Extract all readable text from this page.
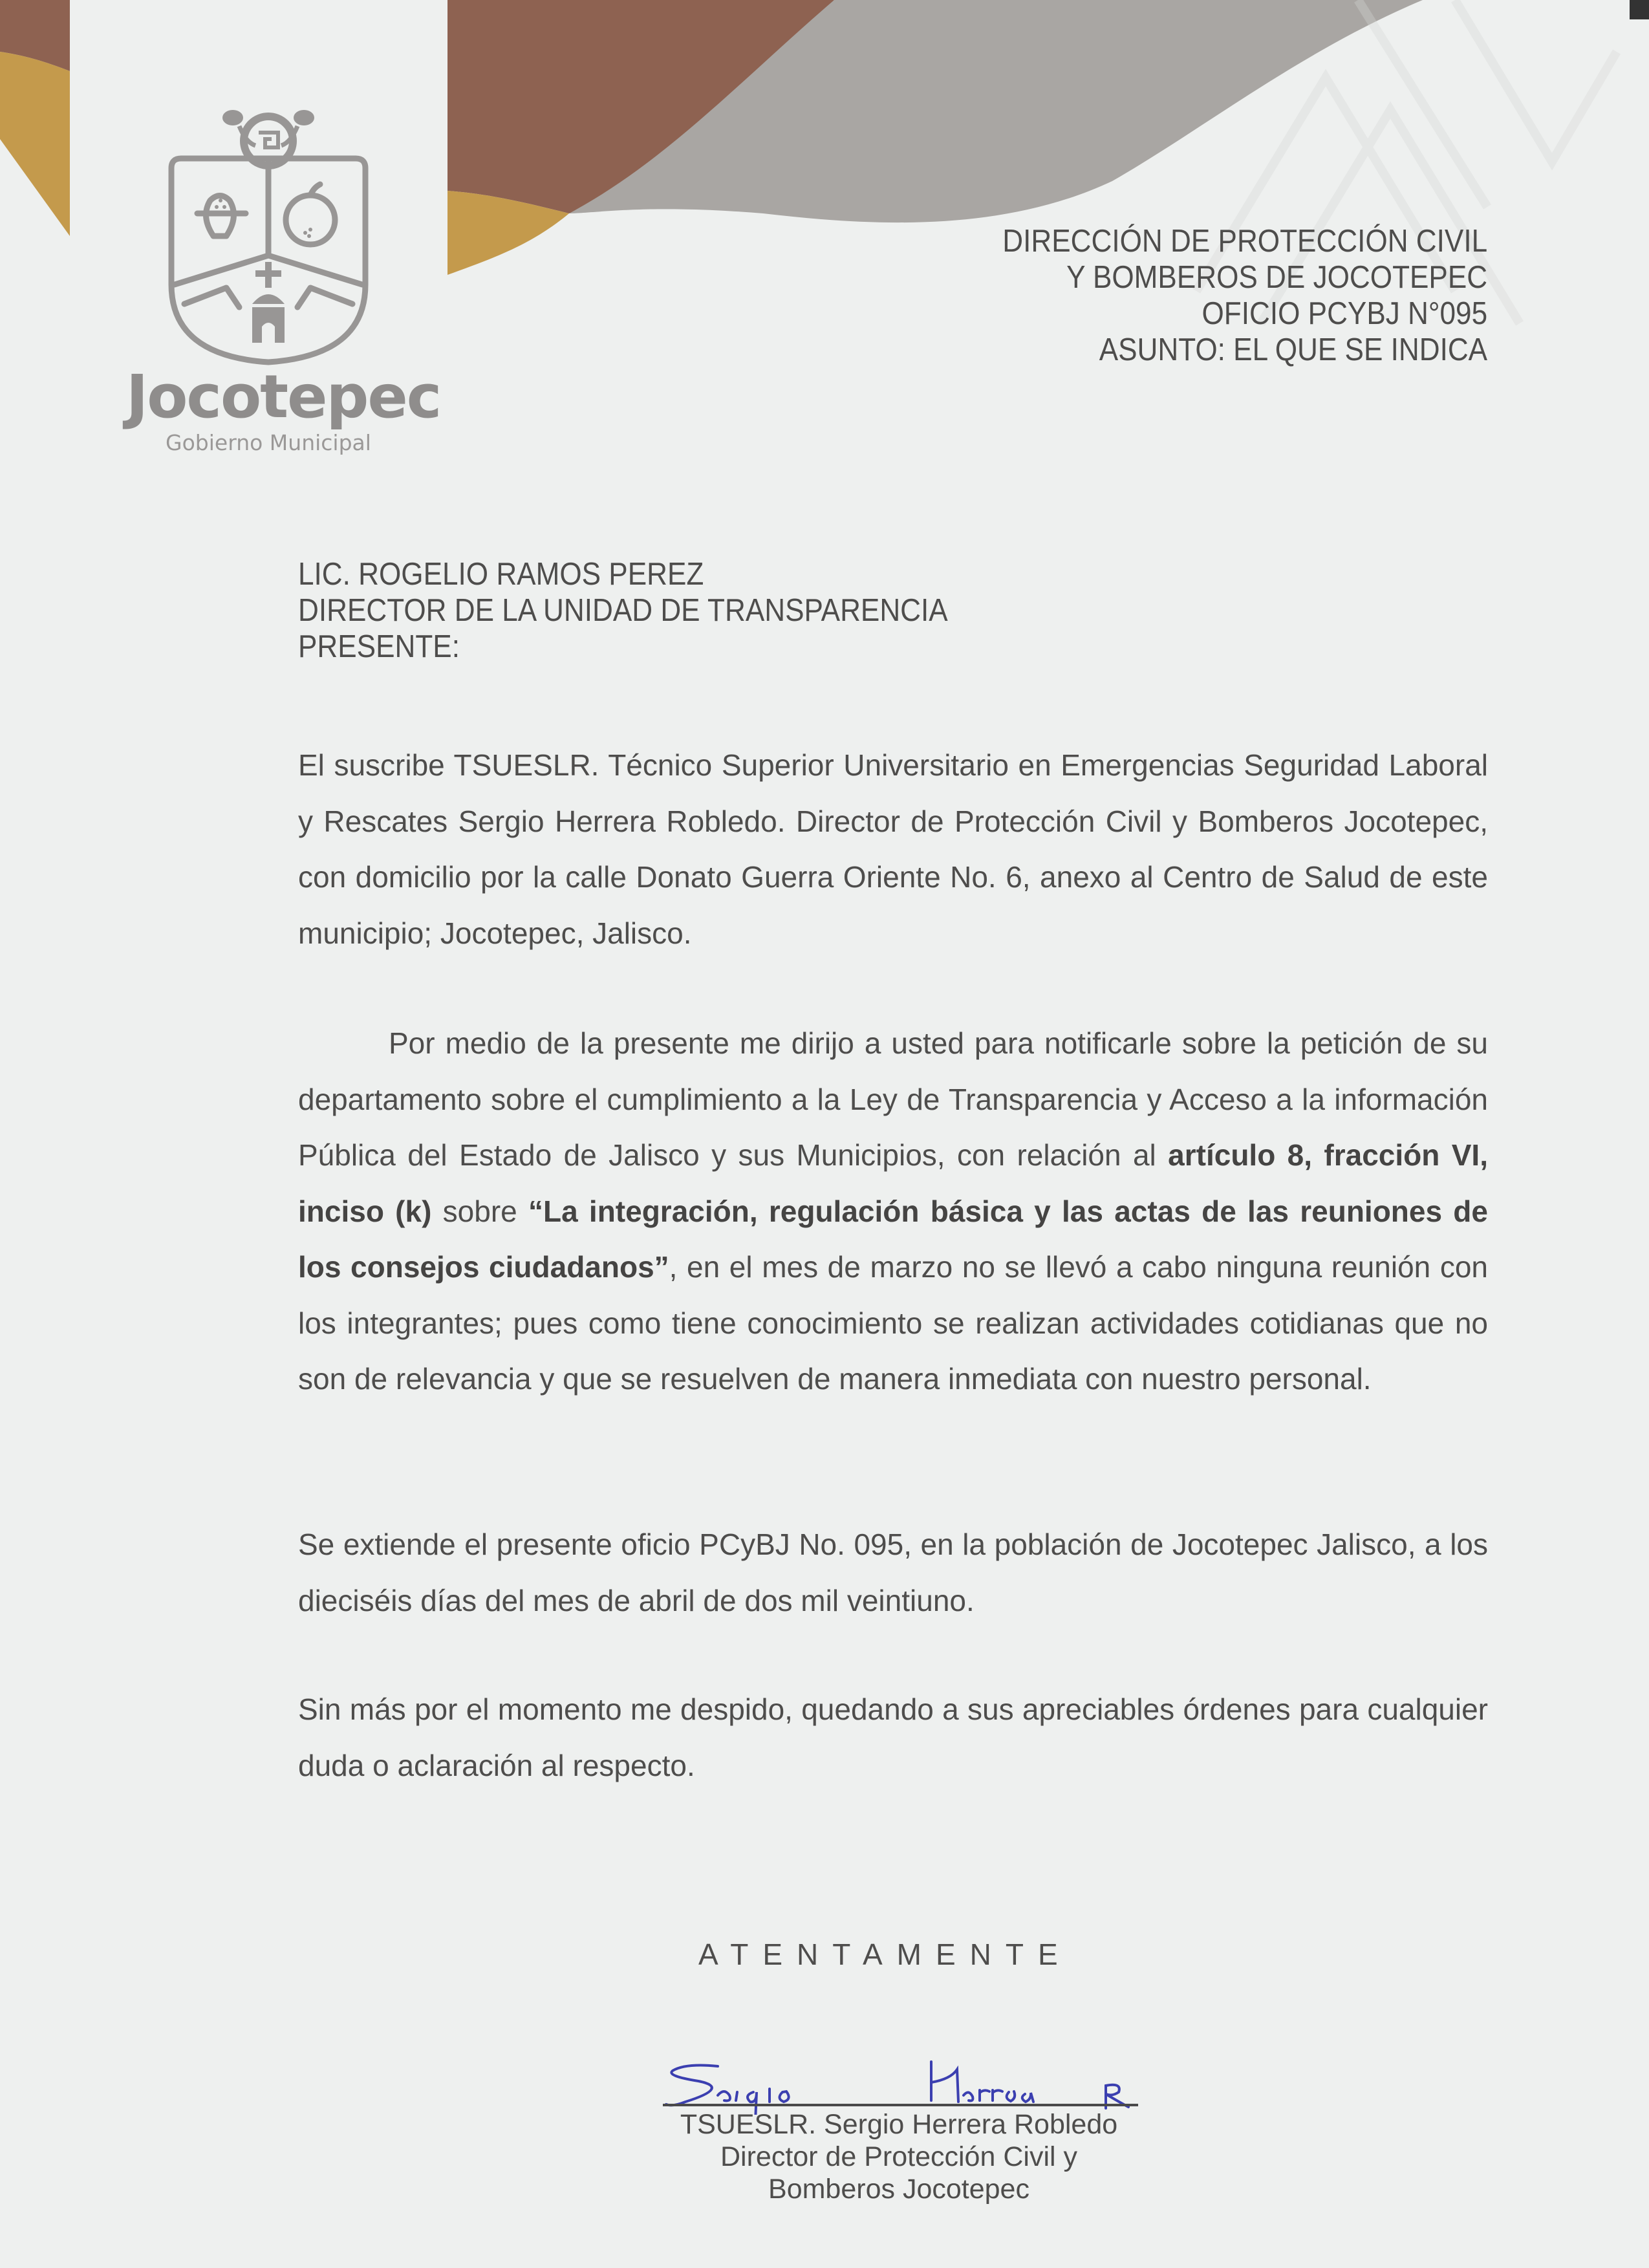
Jocotepec
Gobierno Municipal
DIRECCIÓN DE PROTECCIÓN CIVIL
Y BOMBEROS DE JOCOTEPEC
OFICIO PCYBJ N°095
ASUNTO: EL QUE SE INDICA
LIC. ROGELIO RAMOS PEREZ
DIRECTOR DE LA UNIDAD DE TRANSPARENCIA
PRESENTE:

El suscribe TSUESLR. Técnico Superior Universitario en Emergencias Seguridad Laboral y Rescates Sergio Herrera Robledo. Director de Protección Civil y Bomberos Jocotepec, con domicilio por la calle Donato Guerra Oriente No. 6, anexo al Centro de Salud de este municipio; Jocotepec, Jalisco.

Por medio de la presente me dirijo a usted para notificarle sobre la petición de su departamento sobre el cumplimiento a la Ley de Transparencia y Acceso a la información Pública del Estado de Jalisco y sus Municipios, con relación al artículo 8, fracción VI, inciso (k) sobre “La integración, regulación básica y las actas de las reuniones de los consejos ciudadanos”, en el mes de marzo no se llevó a cabo ninguna reunión con los integrantes; pues como tiene conocimiento se realizan actividades cotidianas que no son de relevancia y que se resuelven de manera inmediata con nuestro personal.

Se extiende el presente oficio PCyBJ No. 095, en la población de Jocotepec Jalisco, a los dieciséis días del mes de abril de dos mil veintiuno.

Sin más por el momento me despido, quedando a sus apreciables órdenes para cualquier duda o aclaración al respecto.

ATENTAMENTE
TSUESLR. Sergio Herrera Robledo
Director de Protección Civil y
Bomberos Jocotepec
